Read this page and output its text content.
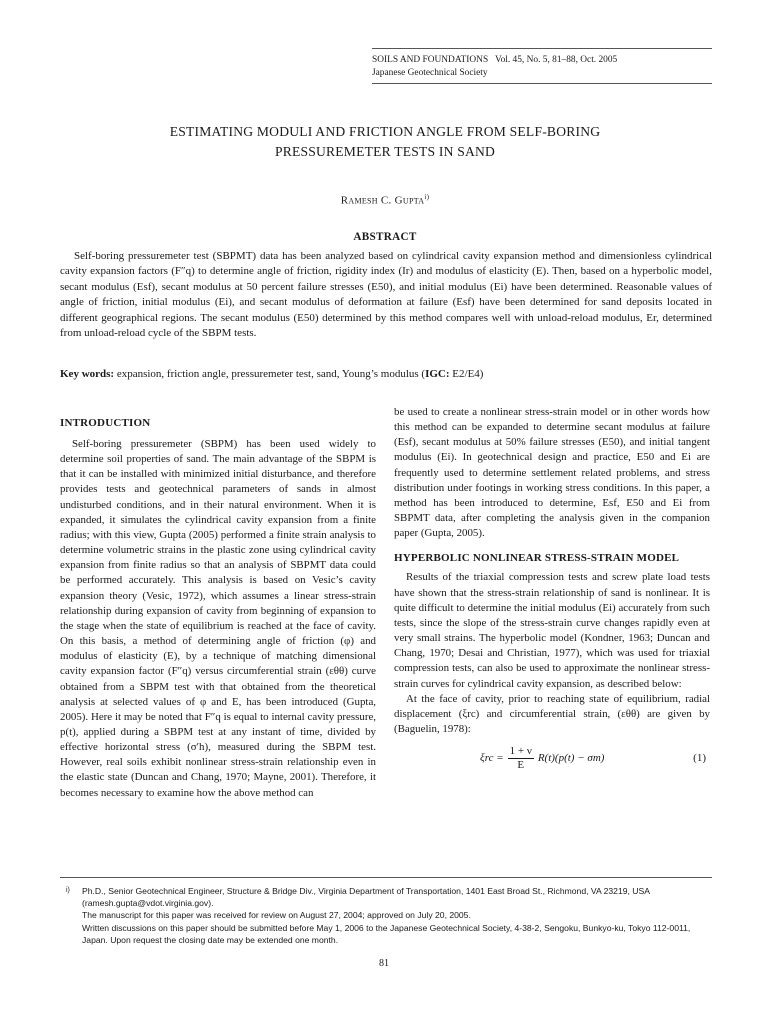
SOILS AND FOUNDATIONS   Vol. 45, No. 5, 81–88, Oct. 2005
Japanese Geotechnical Society
ESTIMATING MODULI AND FRICTION ANGLE FROM SELF-BORING
PRESSUREMETER TESTS IN SAND
Ramesh C. Gupta$^{i)}$
ABSTRACT
Self-boring pressuremeter test (SBPMT) data has been analyzed based on cylindrical cavity expansion method and dimensionless cylindrical cavity expansion factors (F″q) to determine angle of friction, rigidity index (Ir) and modulus of elasticity (E). Then, based on a hyperbolic model, secant modulus (Esf), secant modulus at 50 percent failure stresses (E50), and initial modulus (Ei) have been determined. Reasonable values of angle of friction, initial modulus (Ei), and secant modulus of deformation at failure (Esf) have been determined for sand deposits located in different geographical regions. The secant modulus (E50) determined by this method compares well with unload-reload modulus, Er, determined from unload-reload cycle of the SBPM tests.
Key words: expansion, friction angle, pressuremeter test, sand, Young’s modulus (IGC: E2/E4)
INTRODUCTION

Self-boring pressuremeter (SBPM) has been used widely to determine soil properties of sand. The main advantage of the SBPM is that it can be installed with minimized initial disturbance, and therefore provides tests and geotechnical parameters of sands in almost undisturbed conditions, and in their natural environment. When it is expanded, it simulates the cylindrical cavity expansion from a finite radius; with this view, Gupta (2005) performed a finite strain analysis to determine volumetric strains in the plastic zone using cylindrical cavity expansion from finite radius so that an analysis of SBPMT data could be performed accurately. This analysis is based on Vesic’s cavity expansion theory (Vesic, 1972), which assumes a linear stress-strain relationship during expansion of cavity from beginning of expansion to the stage when the state of equilibrium is reached at the face of cavity. On this basis, a method of determining angle of friction (φ) and modulus of elasticity (E), by a technique of matching dimensional cavity expansion factor (F″q) versus circumferential strain (εθθ) curve obtained from a SBPM test with that obtained from the theoretical analysis at selected values of φ and E, has been introduced (Gupta, 2005). Here it may be noted that F″q is equal to internal cavity pressure, p(t), applied during a SBPM test at any instant of time, divided by effective horizontal stress (σ′h), measured during the SBPM test. However, real soils exhibit nonlinear stress-strain relationship even in the elastic state (Duncan and Chang, 1970; Mayne, 2001). Therefore, it becomes necessary to examine how the above method can

be used to create a nonlinear stress-strain model or in other words how this method can be expanded to determine secant modulus at failure (Esf), secant modulus at 50% failure stresses (E50), and initial tangent modulus (Ei). In geotechnical design and practice, E50 and Ei are frequently used to determine settlement related problems, and stress distribution under footings in working stress conditions. In this paper, a method has been introduced to determine, Esf, E50 and Ei from SBPMT data, after completing the analysis given in the companion paper (Gupta, 2005).

HYPERBOLIC NONLINEAR STRESS-STRAIN MODEL

Results of the triaxial compression tests and screw plate load tests have shown that the stress-strain relationship of sand is nonlinear. It is quite difficult to determine the initial modulus (Ei) accurately from such tests, since the slope of the stress-strain curve changes rapidly even at very small strains. The hyperbolic model (Kondner, 1963; Duncan and Chang, 1970; Desai and Christian, 1977), which was used for triaxial compression tests, can also be used to approximate the nonlinear stress-strain curves for cylindrical cavity expansion, as described below:

At the face of cavity, prior to reaching state of equilibrium, radial displacement (ξrc) and circumferential strain, (εθθ) are given by (Baguelin, 1978):

$\xi rc = \frac{1 + \nu}{E} R(t)(p(t) - \sigma m)$	(1)
i)	Ph.D., Senior Geotechnical Engineer, Structure & Bridge Div., Virginia Department of Transportation, 1401 East Broad St., Richmond, VA 23219, USA (ramesh.gupta@vdot.virginia.gov).
The manuscript for this paper was received for review on August 27, 2004; approved on July 20, 2005.
Written discussions on this paper should be submitted before May 1, 2006 to the Japanese Geotechnical Society, 4-38-2, Sengoku, Bunkyo-ku, Tokyo 112-0011, Japan. Upon request the closing date may be extended one month.
81
